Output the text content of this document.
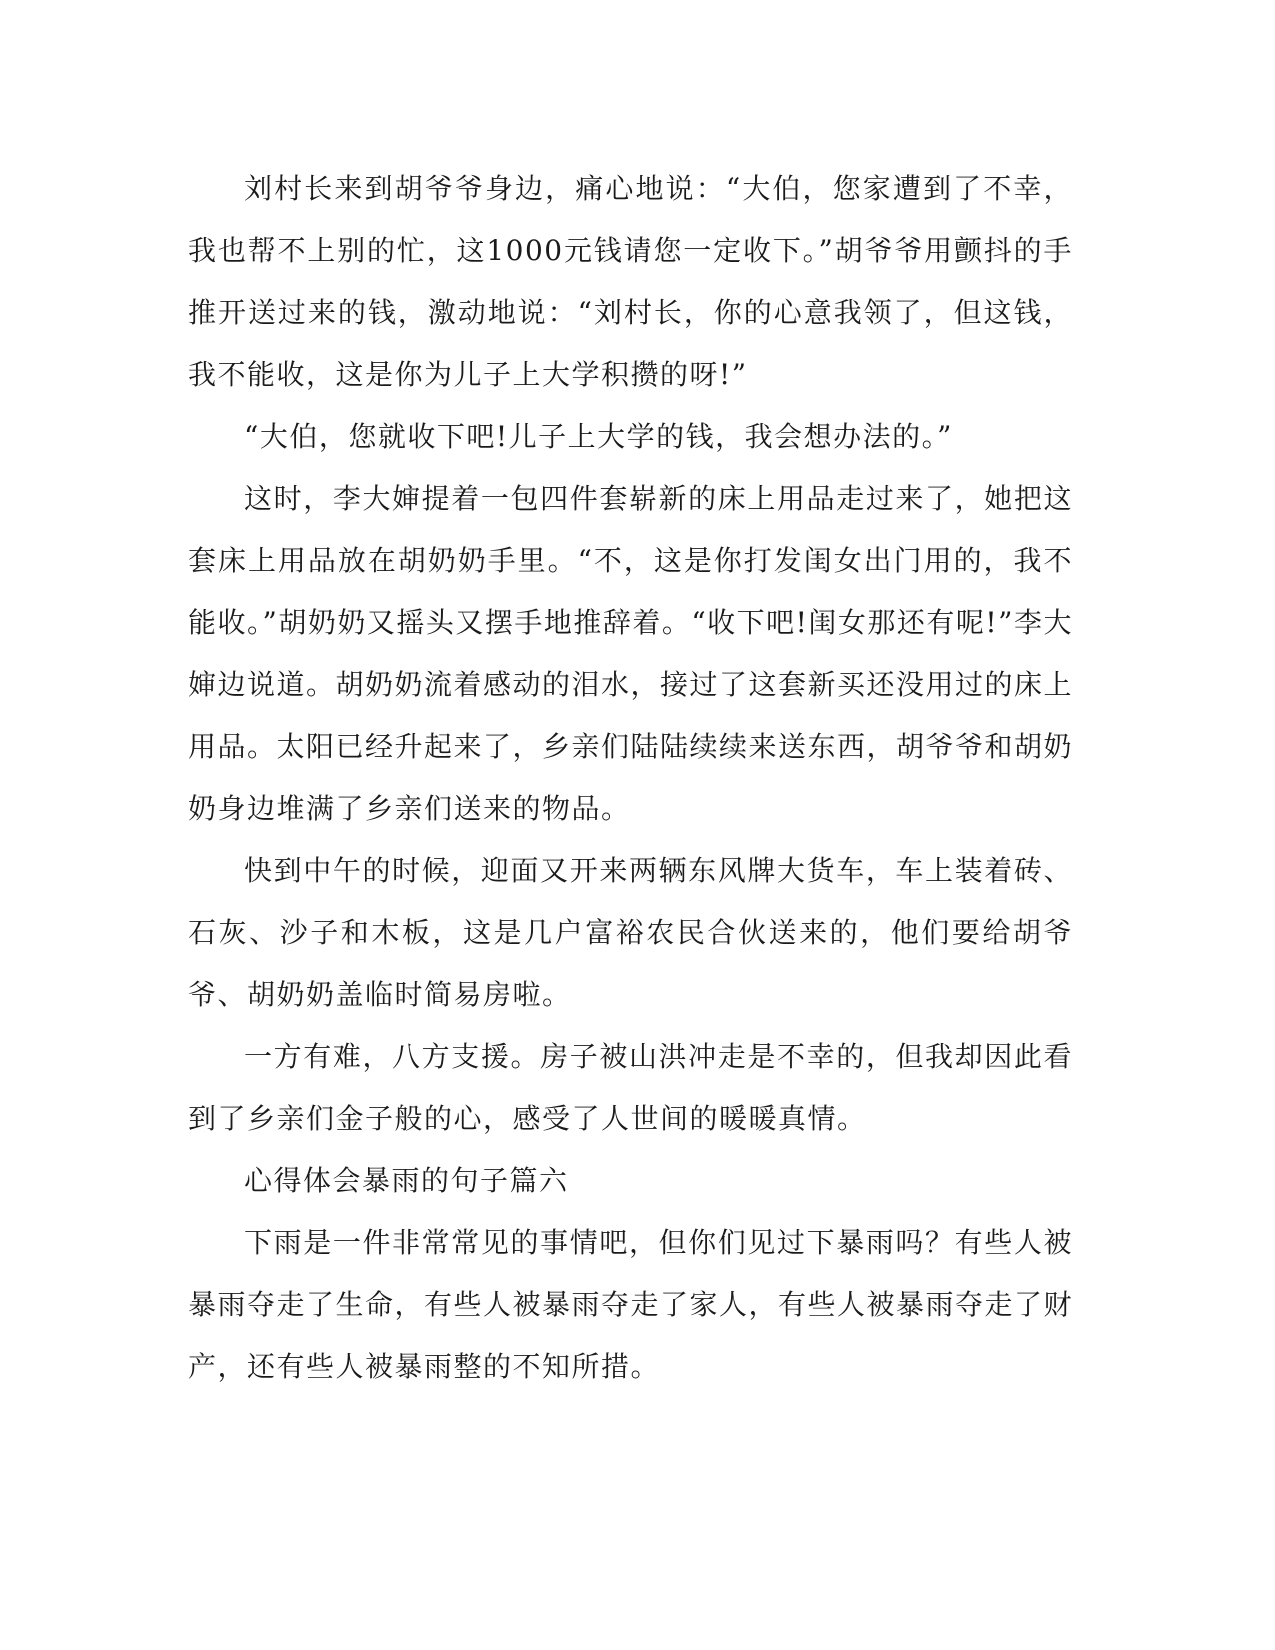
刘村长来到胡爷爷身边，痛心地说：“大伯，您家遭到了不幸，我也帮不上别的忙，这1000元钱请您一定收下。”胡爷爷用颤抖的手推开送过来的钱，激动地说：“刘村长，你的心意我领了，但这钱，我不能收，这是你为儿子上大学积攒的呀!”

“大伯，您就收下吧!儿子上大学的钱，我会想办法的。”

这时，李大婶提着一包四件套崭新的床上用品走过来了，她把这套床上用品放在胡奶奶手里。“不，这是你打发闺女出门用的，我不能收。”胡奶奶又摇头又摆手地推辞着。“收下吧!闺女那还有呢!”李大婶边说道。胡奶奶流着感动的泪水，接过了这套新买还没用过的床上用品。太阳已经升起来了，乡亲们陆陆续续来送东西，胡爷爷和胡奶奶身边堆满了乡亲们送来的物品。

快到中午的时候，迎面又开来两辆东风牌大货车，车上装着砖、石灰、沙子和木板，这是几户富裕农民合伙送来的，他们要给胡爷爷、胡奶奶盖临时简易房啦。

一方有难，八方支援。房子被山洪冲走是不幸的，但我却因此看到了乡亲们金子般的心，感受了人世间的暖暖真情。

心得体会暴雨的句子篇六

下雨是一件非常常见的事情吧，但你们见过下暴雨吗？有些人被暴雨夺走了生命，有些人被暴雨夺走了家人，有些人被暴雨夺走了财产，还有些人被暴雨整的不知所措。
